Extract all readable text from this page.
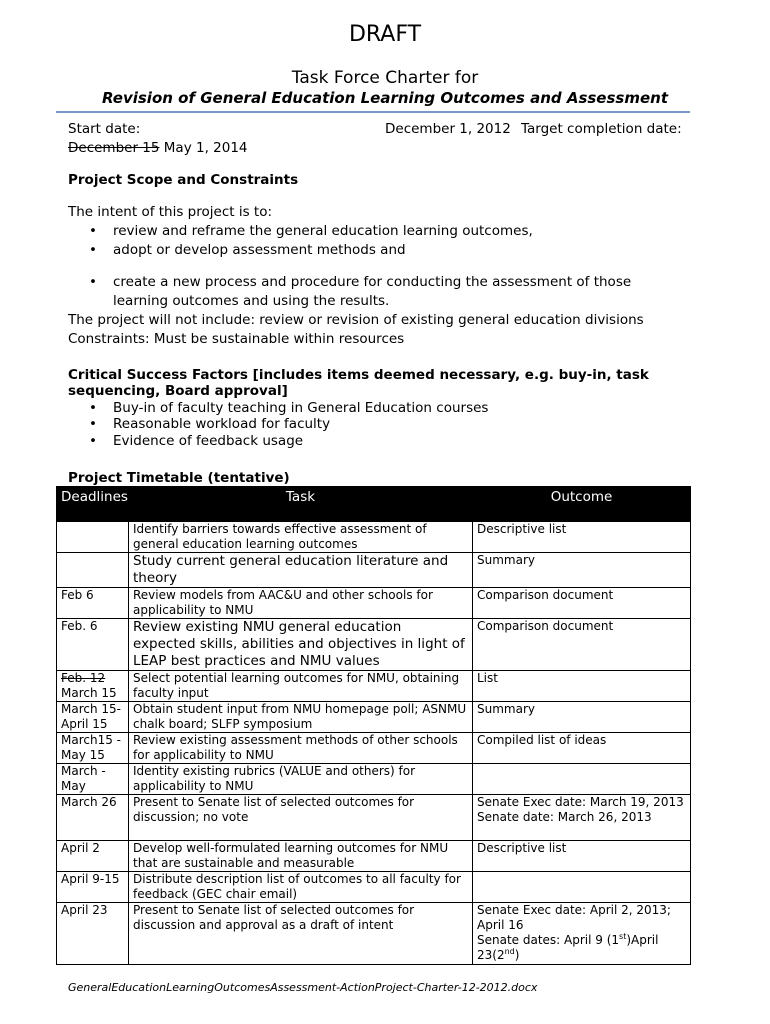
DRAFT
Task Force Charter for
Revision of General Education Learning Outcomes and Assessment
Start date:	December 1, 2012 Target completion date:
December 15 May 1, 2014
Project Scope and Constraints
The intent of this project is to:
• review and reframe the general education learning outcomes,
• adopt or develop assessment methods and
• create a new process and procedure for conducting the assessment of those
learning outcomes and using the results.
The project will not include: review or revision of existing general education divisions
Constraints: Must be sustainable within resources
Critical Success Factors [includes items deemed necessary, e.g. buy-in, task
sequencing, Board approval]
• Buy-in of faculty teaching in General Education courses
• Reasonable workload for faculty
• Evidence of feedback usage
Project Timetable (tentative)
Deadlines	Task	Outcome
	Identify barriers towards effective assessment of general education learning outcomes	Descriptive list
	Study current general education literature and theory	Summary
Feb 6	Review models from AAC&U and other schools for applicability to NMU	Comparison document
Feb. 6	Review existing NMU general education expected skills, abilities and objectives in light of LEAP best practices and NMU values	Comparison document
Feb. 12
March 15	Select potential learning outcomes for NMU, obtaining faculty input	List
March 15- April 15	Obtain student input from NMU homepage poll; ASNMU chalk board; SLFP symposium	Summary
March15 - May 15	Review existing assessment methods of other schools for applicability to NMU	Compiled list of ideas
March - May	Identity existing rubrics (VALUE and others) for applicability to NMU	
March 26	Present to Senate list of selected outcomes for discussion; no vote	Senate Exec date: March 19, 2013
Senate date: March 26, 2013
April 2	Develop well-formulated learning outcomes for NMU that are sustainable and measurable	Descriptive list
April 9-15	Distribute description list of outcomes to all faculty for feedback (GEC chair email)	
April 23	Present to Senate list of selected outcomes for discussion and approval as a draft of intent	Senate Exec date: April 2, 2013; April 16
Senate dates: April 9 (1st)April 23(2nd)
GeneralEducationLearningOutcomesAssessment-ActionProject-Charter-12-2012.docx
